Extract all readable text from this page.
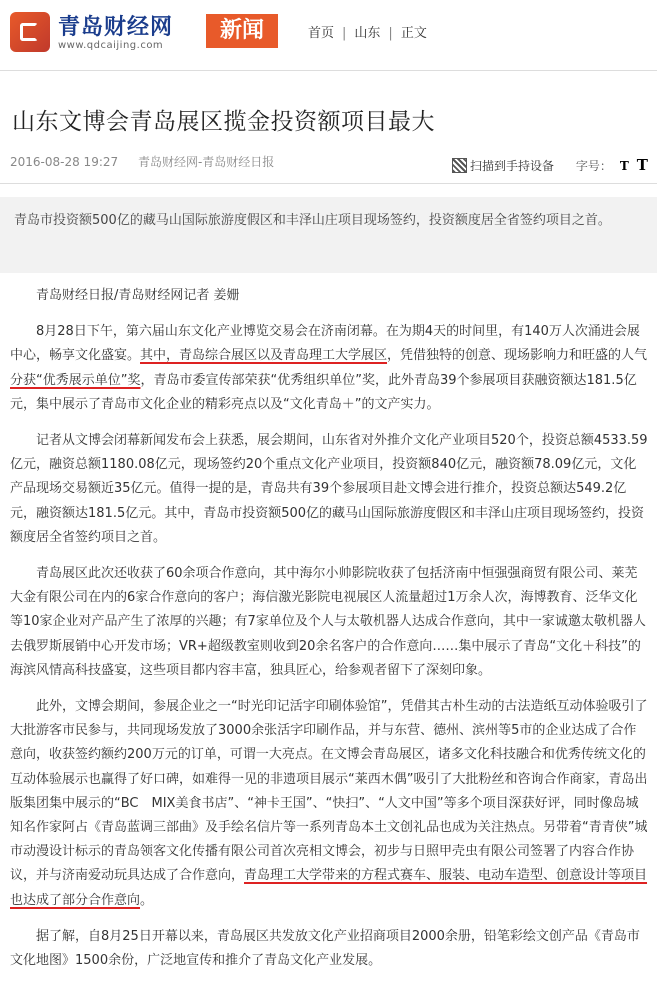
青岛财经网
www.qdcaijing.com
新闻	首页 | 山东 | 正文
山东文博会青岛展区揽金投资额项目最大
2016-08-28 19:27 青岛财经网-青岛财经日报	扫描到手持设备 字号： T T

青岛市投资额500亿的藏马山国际旅游度假区和丰泽山庄项目现场签约，投资额度居全省签约项目之首。

青岛财经日报/青岛财经网记者 姜姗

8月28日下午，第六届山东文化产业博览交易会在济南闭幕。在为期4天的时间里，有140万人次涌进会展中心，畅享文化盛宴。其中，青岛综合展区以及青岛理工大学展区，凭借独特的创意、现场影响力和旺盛的人气分获“优秀展示单位”奖，青岛市委宣传部荣获“优秀组织单位”奖，此外青岛39个参展项目获融资额达181.5亿元，集中展示了青岛市文化企业的精彩亮点以及“文化青岛＋”的文产实力。

记者从文博会闭幕新闻发布会上获悉，展会期间，山东省对外推介文化产业项目520个，投资总额4533.59亿元，融资总额1180.08亿元，现场签约20个重点文化产业项目，投资额840亿元，融资额78.09亿元，文化产品现场交易额近35亿元。值得一提的是，青岛共有39个参展项目赴文博会进行推介，投资总额达549.2亿元，融资额达181.5亿元。其中，青岛市投资额500亿的藏马山国际旅游度假区和丰泽山庄项目现场签约，投资额度居全省签约项目之首。

青岛展区此次还收获了60余项合作意向，其中海尔小帅影院收获了包括济南中恒强强商贸有限公司、莱芜大金有限公司在内的6家合作意向的客户；海信激光影院电视展区人流量超过1万余人次，海博教育、泛华文化等10家企业对产品产生了浓厚的兴趣；有7家单位及个人与太敬机器人达成合作意向，其中一家诚邀太敬机器人去俄罗斯展销中心开发市场；VR+超级教室则收到20余名客户的合作意向……集中展示了青岛“文化＋科技”的海滨风情高科技盛宴，这些项目都内容丰富，独具匠心，给参观者留下了深刻印象。

此外，文博会期间，参展企业之一“时光印记活字印刷体验馆”，凭借其古朴生动的古法造纸互动体验吸引了大批游客市民参与，共同现场发放了3000余张活字印刷作品，并与东营、德州、滨州等5市的企业达成了合作意向，收获签约额约200万元的订单，可谓一大亮点。在文博会青岛展区，诸多文化科技融合和优秀传统文化的互动体验展示也赢得了好口碑，如难得一见的非遗项目展示“莱西木偶”吸引了大批粉丝和咨询合作商家，青岛出版集团集中展示的“BC　MIX美食书店”、“神卡王国”、“快扫”、“人文中国”等多个项目深获好评，同时像岛城知名作家阿占《青岛蓝调三部曲》及手绘名信片等一系列青岛本土文创礼品也成为关注热点。另带着“青青侠”城市动漫设计标示的青岛领客文化传播有限公司首次亮相文博会，初步与日照甲壳虫有限公司签署了内容合作协议，并与济南爱动玩具达成了合作意向，青岛理工大学带来的方程式赛车、服装、电动车造型、创意设计等项目也达成了部分合作意向。

据了解，自8月25日开幕以来，青岛展区共发放文化产业招商项目2000余册，铅笔彩绘文创产品《青岛市文化地图》1500余份，广泛地宣传和推介了青岛文化产业发展。
